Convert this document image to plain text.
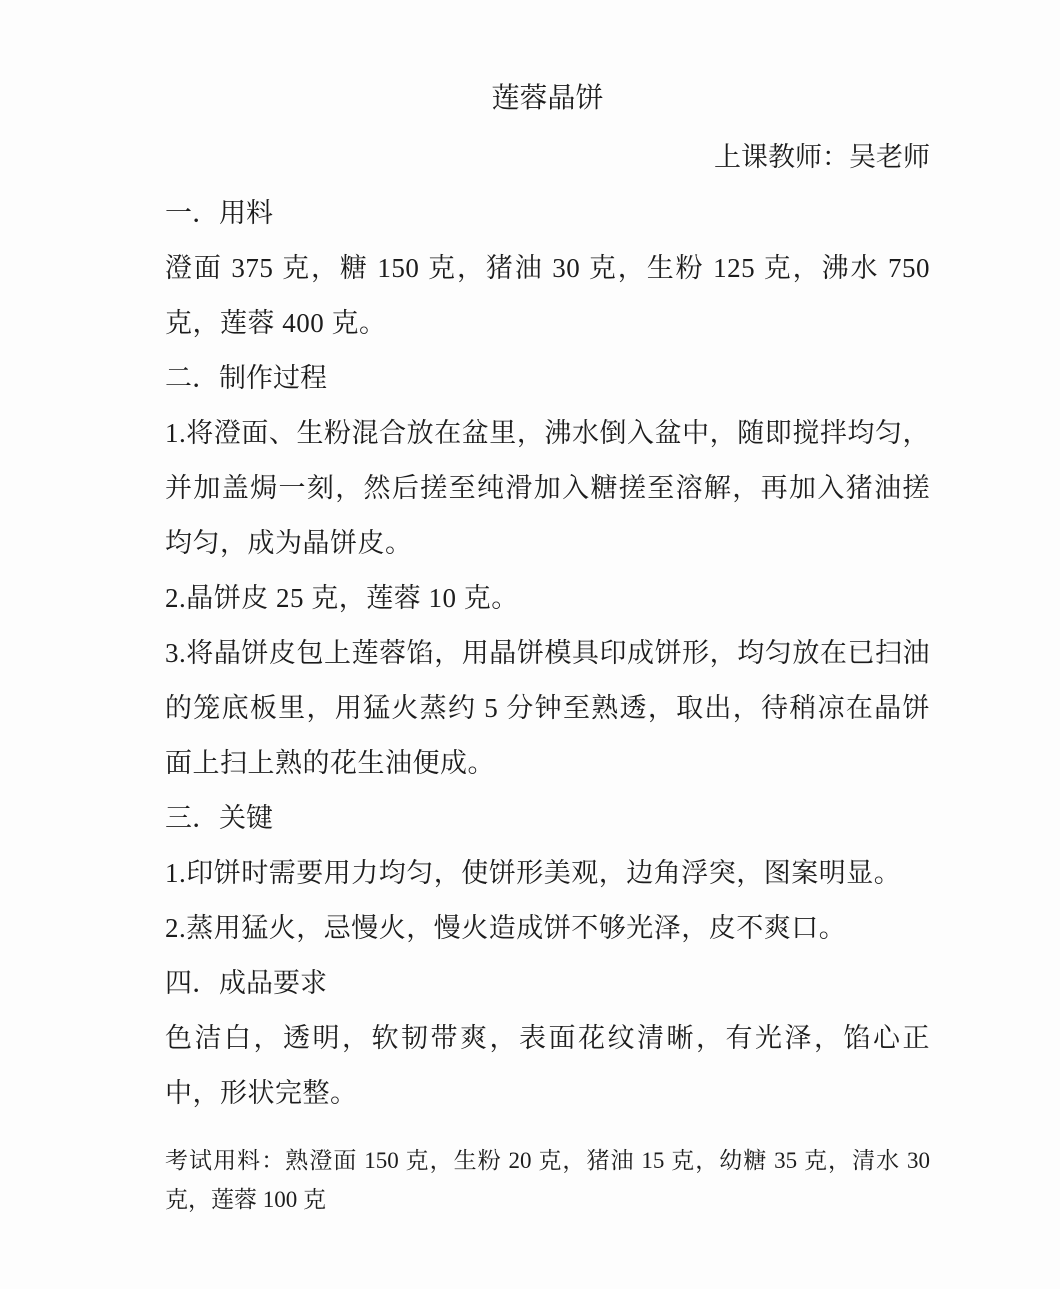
莲蓉晶饼

上课教师：吴老师

一．用料

澄面 375 克，糖 150 克，猪油 30 克，生粉 125 克，沸水 750 克，莲蓉 400 克。

二．制作过程

1.将澄面、生粉混合放在盆里，沸水倒入盆中，随即搅拌均匀，并加盖焗一刻，然后搓至纯滑加入糖搓至溶解，再加入猪油搓均匀，成为晶饼皮。

2.晶饼皮 25 克，莲蓉 10 克。

3.将晶饼皮包上莲蓉馅，用晶饼模具印成饼形，均匀放在已扫油的笼底板里，用猛火蒸约 5 分钟至熟透，取出，待稍凉在晶饼面上扫上熟的花生油便成。

三．关键

1.印饼时需要用力均匀，使饼形美观，边角浮突，图案明显。

2.蒸用猛火，忌慢火，慢火造成饼不够光泽，皮不爽口。

四．成品要求

色洁白，透明，软韧带爽，表面花纹清晰，有光泽，馅心正中，形状完整。

考试用料：熟澄面 150 克，生粉 20 克，猪油 15 克，幼糖 35 克，清水 30 克，莲蓉 100 克
